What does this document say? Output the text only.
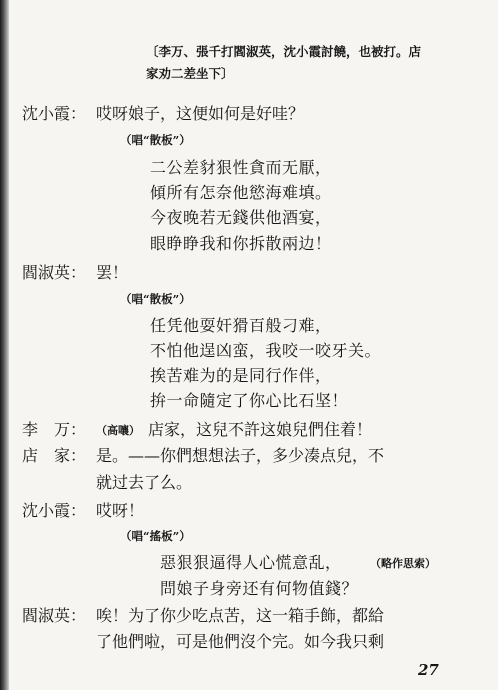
〔李万、張千打閻淑英，沈小霞討饒，也被打。店
家劝二差坐下〕
沈小霞： 哎呀娘子，这便如何是好哇？
（唱“散板”）
二公差豺狠性貪而无厭，
傾所有怎奈他慾海难填。
今夜晚若无錢供他酒宴，
眼睁睁我和你拆散兩边！
閻淑英： 罢！
（唱“散板”）
任凭他耍奸猾百般刁难，
不怕他逞凶蛮，我咬一咬牙关。
挨苦难为的是同行作伴，
拚一命隨定了你心比石坚！
李　万： （高嚷） 店家，这兒不許这娘兒們住着！
店　家： 是。——你們想想法子，多少凑点兒，不
就过去了么。
沈小霞： 哎呀！
（唱“搖板”）
惡狠狠逼得人心慌意乱，	（略作思索）
問娘子身旁还有何物值錢？
閻淑英： 唉！为了你少吃点苦，这一箱手飾，都給
了他們啦，可是他們沒个完。如今我只剩
27
